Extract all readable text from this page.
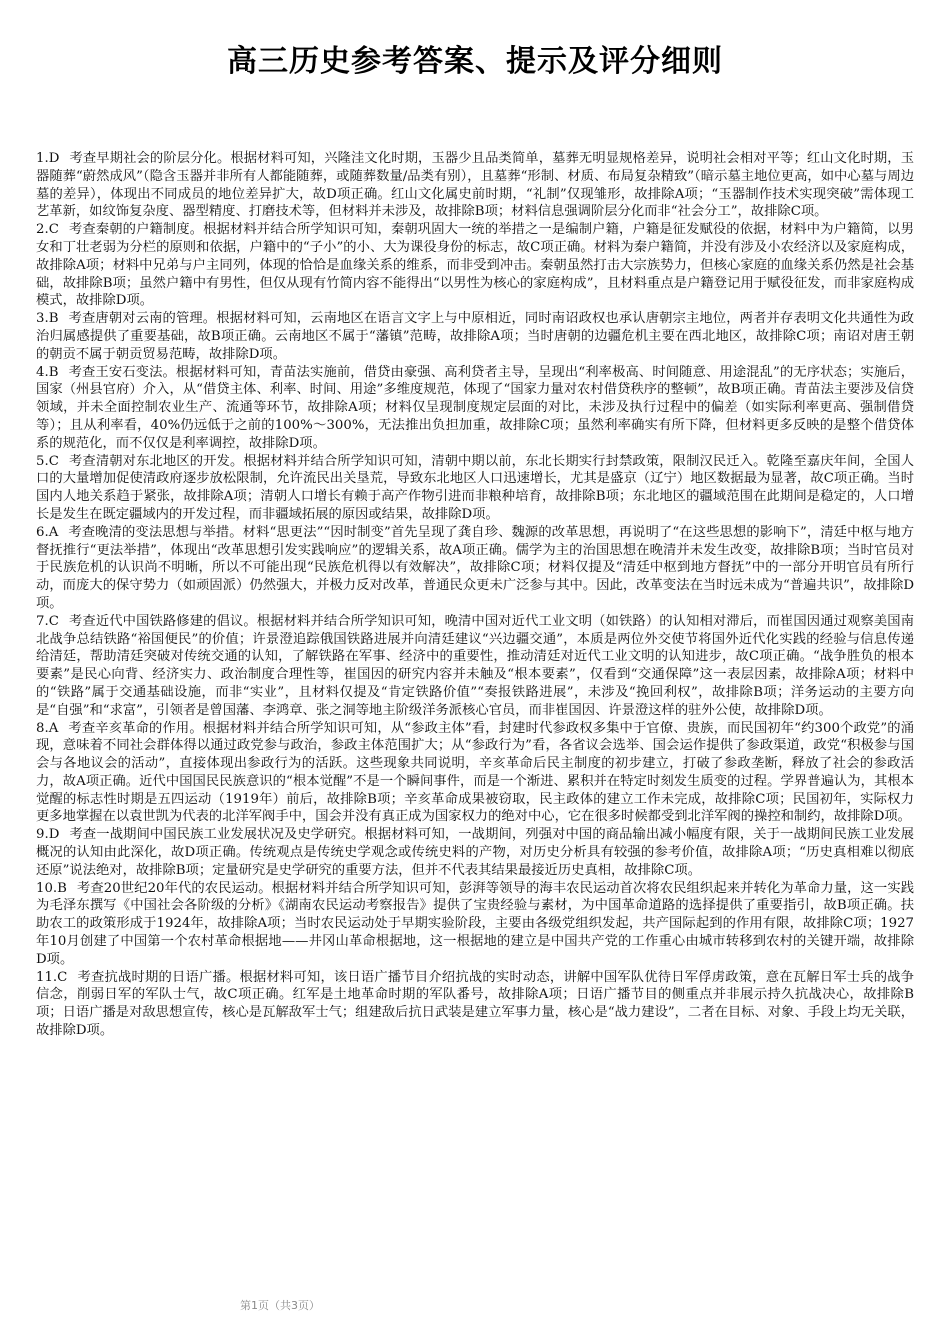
高三历史参考答案、提示及评分细则

1.D 考查早期社会的阶层分化。根据材料可知，兴隆洼文化时期，玉器少且品类简单，墓葬无明显规格差异，说明社会相对平等；红山文化时期，玉器随葬“蔚然成风”（隐含玉器并非所有人都能随葬，或随葬数量/品类有别），且墓葬“形制、材质、布局复杂精致”（暗示墓主地位更高，如中心墓与周边墓的差异），体现出不同成员的地位差异扩大，故D项正确。红山文化属史前时期，“礼制”仅现雏形，故排除A项；“玉器制作技术实现突破”需体现工艺革新，如纹饰复杂度、器型精度、打磨技术等，但材料并未涉及，故排除B项；材料信息强调阶层分化而非“社会分工”，故排除C项。

2.C 考查秦朝的户籍制度。根据材料并结合所学知识可知，秦朝巩固大一统的举措之一是编制户籍，户籍是征发赋役的依据，材料中为户籍简，以男女和丁壮老弱为分栏的原则和依据，户籍中的“子小”的小、大为课役身份的标志，故C项正确。材料为秦户籍简，并没有涉及小农经济以及家庭构成，故排除A项；材料中兄弟与户主同列，体现的恰恰是血缘关系的维系，而非受到冲击。秦朝虽然打击大宗族势力，但核心家庭的血缘关系仍然是社会基础，故排除B项；虽然户籍中有男性，但仅从现有竹简内容不能得出“以男性为核心的家庭构成”，且材料重点是户籍登记用于赋役征发，而非家庭构成模式，故排除D项。

3.B 考查唐朝对云南的管理。根据材料可知，云南地区在语言文字上与中原相近，同时南诏政权也承认唐朝宗主地位，两者并存表明文化共通性为政治归属感提供了重要基础，故B项正确。云南地区不属于“藩镇”范畴，故排除A项；当时唐朝的边疆危机主要在西北地区，故排除C项；南诏对唐王朝的朝贡不属于朝贡贸易范畴，故排除D项。

4.B 考查王安石变法。根据材料可知，青苗法实施前，借贷由豪强、高利贷者主导，呈现出“利率极高、时间随意、用途混乱”的无序状态；实施后，国家（州县官府）介入，从“借贷主体、利率、时间、用途”多维度规范，体现了“国家力量对农村借贷秩序的整顿”，故B项正确。青苗法主要涉及信贷领域，并未全面控制农业生产、流通等环节，故排除A项；材料仅呈现制度规定层面的对比，未涉及执行过程中的偏差（如实际利率更高、强制借贷等）；且从利率看，40%仍远低于之前的100%～300%，无法推出负担加重，故排除C项；虽然利率确实有所下降，但材料更多反映的是整个借贷体系的规范化，而不仅仅是利率调控，故排除D项。

5.C 考查清朝对东北地区的开发。根据材料并结合所学知识可知，清朝中期以前，东北长期实行封禁政策，限制汉民迁入。乾隆至嘉庆年间，全国人口的大量增加促使清政府逐步放松限制，允许流民出关垦荒，导致东北地区人口迅速增长，尤其是盛京（辽宁）地区数据最为显著，故C项正确。当时国内人地关系趋于紧张，故排除A项；清朝人口增长有赖于高产作物引进而非粮种培育，故排除B项；东北地区的疆域范围在此期间是稳定的，人口增长是发生在既定疆域内的开发过程，而非疆域拓展的原因或结果，故排除D项。

6.A 考查晚清的变法思想与举措。材料“思更法”“因时制变”首先呈现了龚自珍、魏源的改革思想，再说明了“在这些思想的影响下”，清廷中枢与地方督抚推行“更法举措”，体现出“改革思想引发实践响应”的逻辑关系，故A项正确。儒学为主的治国思想在晚清并未发生改变，故排除B项；当时官员对于民族危机的认识尚不明晰，所以不可能出现“民族危机得以有效解决”，故排除C项；材料仅提及“清廷中枢到地方督抚”中的一部分开明官员有所行动，而庞大的保守势力（如顽固派）仍然强大，并极力反对改革，普通民众更未广泛参与其中。因此，改革变法在当时远未成为“普遍共识”，故排除D项。

7.C 考查近代中国铁路修建的倡议。根据材料并结合所学知识可知，晚清中国对近代工业文明（如铁路）的认知相对滞后，而崔国因通过观察美国南北战争总结铁路“裕国便民”的价值；许景澄追踪俄国铁路进展并向清廷建议“兴边疆交通”，本质是两位外交使节将国外近代化实践的经验与信息传递给清廷，帮助清廷突破对传统交通的认知，了解铁路在军事、经济中的重要性，推动清廷对近代工业文明的认知进步，故C项正确。“战争胜负的根本要素”是民心向背、经济实力、政治制度合理性等，崔国因的研究内容并未触及“根本要素”，仅看到“交通保障”这一表层因素，故排除A项；材料中的“铁路”属于交通基础设施，而非“实业”，且材料仅提及“肯定铁路价值”“奏报铁路进展”，未涉及“挽回利权”，故排除B项；洋务运动的主要方向是“自强”和“求富”，引领者是曾国藩、李鸿章、张之洞等地主阶级洋务派核心官员，而非崔国因、许景澄这样的驻外公使，故排除D项。

8.A 考查辛亥革命的作用。根据材料并结合所学知识可知，从“参政主体”看，封建时代参政权多集中于官僚、贵族，而民国初年“约300个政党”的涌现，意味着不同社会群体得以通过政党参与政治，参政主体范围扩大；从“参政行为”看，各省议会选举、国会运作提供了参政渠道，政党“积极参与国会与各地议会的活动”，直接体现出参政行为的活跃。这些现象共同说明，辛亥革命后民主制度的初步建立，打破了参政垄断，释放了社会的参政活力，故A项正确。近代中国国民民族意识的“根本觉醒”不是一个瞬间事件，而是一个渐进、累积并在特定时刻发生质变的过程。学界普遍认为，其根本觉醒的标志性时期是五四运动（1919年）前后，故排除B项；辛亥革命成果被窃取，民主政体的建立工作未完成，故排除C项；民国初年，实际权力更多地掌握在以袁世凯为代表的北洋军阀手中，国会并没有真正成为国家权力的绝对中心，它在很多时候都受到北洋军阀的操控和制约，故排除D项。

9.D 考查一战期间中国民族工业发展状况及史学研究。根据材料可知，一战期间，列强对中国的商品输出减小幅度有限，关于一战期间民族工业发展概况的认知由此深化，故D项正确。传统观点是传统史学观念或传统史料的产物，对历史分析具有较强的参考价值，故排除A项；“历史真相难以彻底还原”说法绝对，故排除B项；定量研究是史学研究的重要方法，但并不代表其结果最接近历史真相，故排除C项。

10.B 考查20世纪20年代的农民运动。根据材料并结合所学知识可知，彭湃等领导的海丰农民运动首次将农民组织起来并转化为革命力量，这一实践为毛泽东撰写《中国社会各阶级的分析》《湖南农民运动考察报告》提供了宝贵经验与素材，为中国革命道路的选择提供了重要指引，故B项正确。扶助农工的政策形成于1924年，故排除A项；当时农民运动处于早期实验阶段，主要由各级党组织发起，共产国际起到的作用有限，故排除C项；1927年10月创建了中国第一个农村革命根据地——井冈山革命根据地，这一根据地的建立是中国共产党的工作重心由城市转移到农村的关键开端，故排除D项。

11.C 考查抗战时期的日语广播。根据材料可知，该日语广播节目介绍抗战的实时动态，讲解中国军队优待日军俘虏政策，意在瓦解日军士兵的战争信念，削弱日军的军队士气，故C项正确。红军是土地革命时期的军队番号，故排除A项；日语广播节目的侧重点并非展示持久抗战决心，故排除B项；日语广播是对敌思想宣传，核心是瓦解敌军士气；组建敌后抗日武装是建立军事力量，核心是“战力建设”，二者在目标、对象、手段上均无关联，故排除D项。

第1页（共3页）
